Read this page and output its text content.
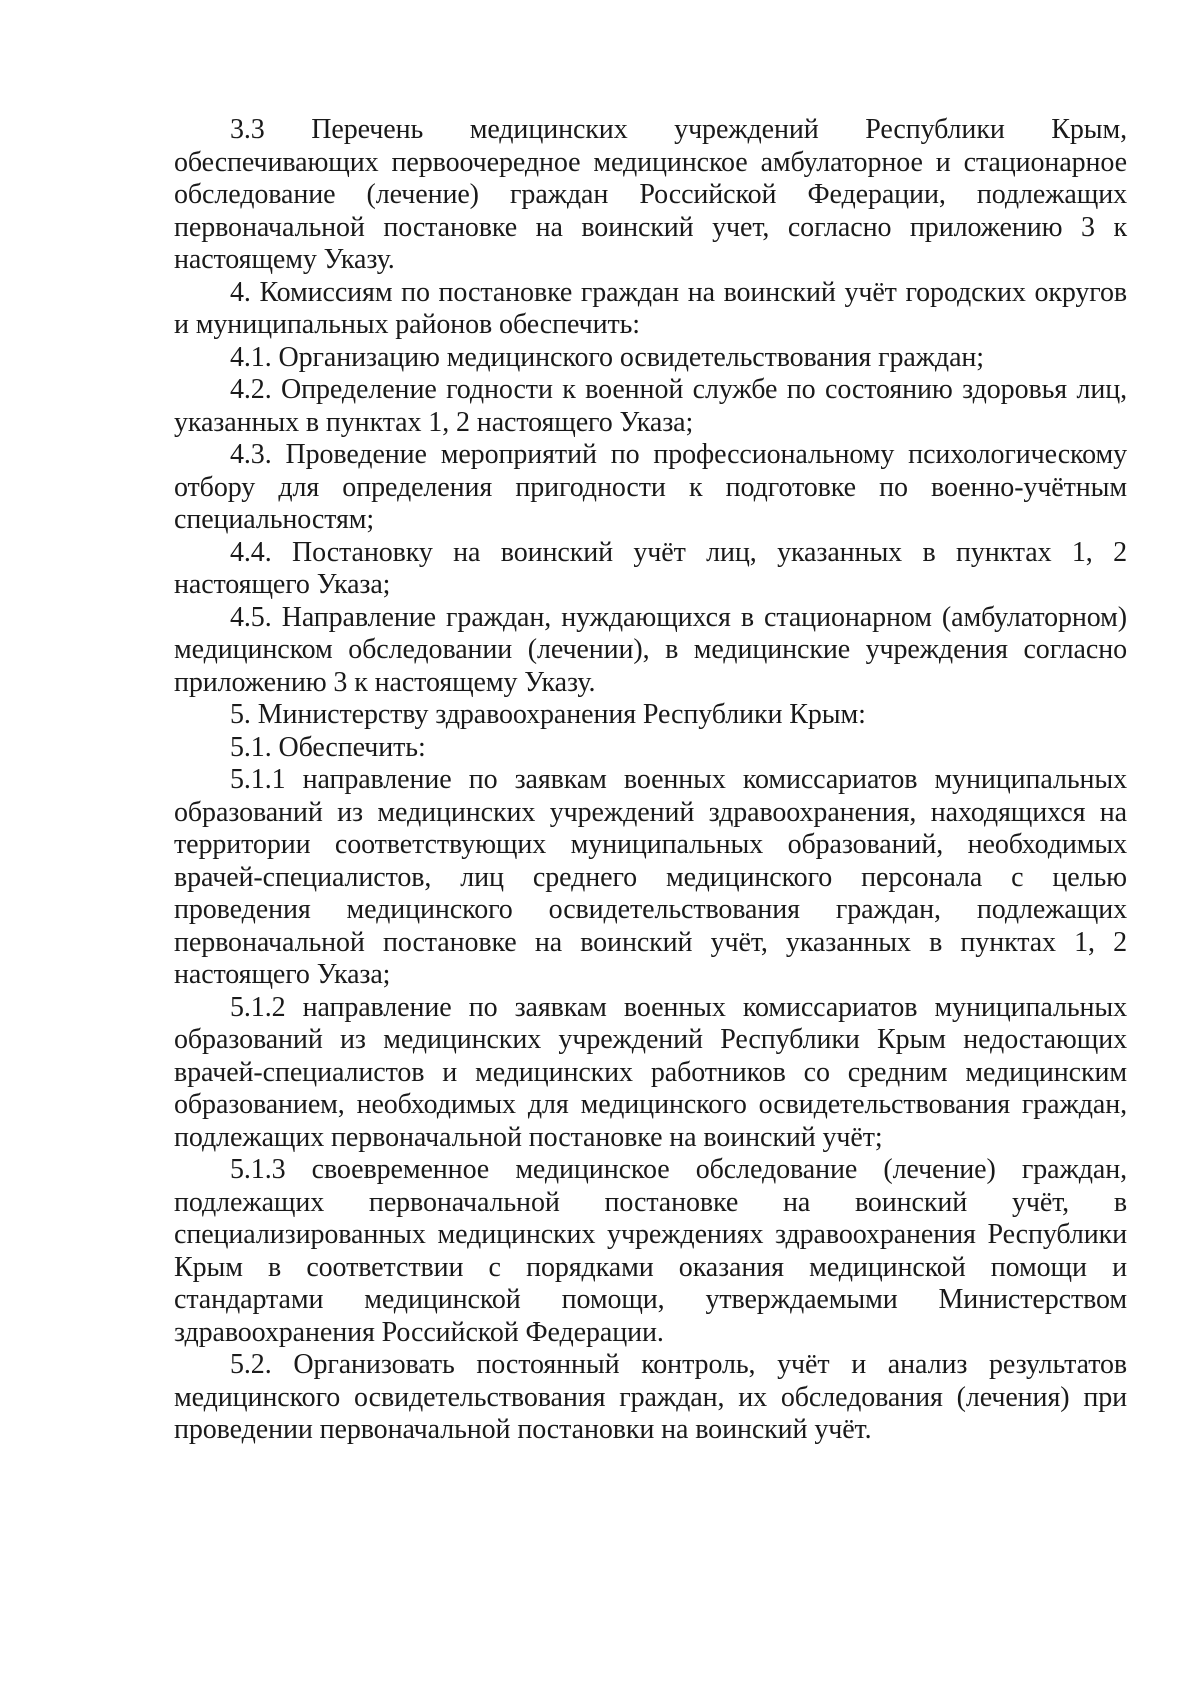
3.3 Перечень медицинских учреждений Республики Крым, обеспечивающих первоочередное медицинское амбулаторное и стационарное обследование (лечение) граждан Российской Федерации, подлежащих первоначальной постановке на воинский учет, согласно приложению 3 к настоящему Указу.

4. Комиссиям по постановке граждан на воинский учёт городских округов и муниципальных районов обеспечить:

4.1. Организацию медицинского освидетельствования граждан;

4.2. Определение годности к военной службе по состоянию здоровья лиц, указанных в пунктах 1, 2 настоящего Указа;

4.3. Проведение мероприятий по профессиональному психологическому отбору для определения пригодности к подготовке по военно-учётным специальностям;

4.4. Постановку на воинский учёт лиц, указанных в пунктах 1, 2 настоящего Указа;

4.5. Направление граждан, нуждающихся в стационарном (амбулаторном) медицинском обследовании (лечении), в медицинские учреждения согласно приложению 3 к настоящему Указу.

5. Министерству здравоохранения Республики Крым:

5.1. Обеспечить:

5.1.1 направление по заявкам военных комиссариатов муниципальных образований из медицинских учреждений здравоохранения, находящихся на территории соответствующих муниципальных образований, необходимых врачей-специалистов, лиц среднего медицинского персонала с целью проведения медицинского освидетельствования граждан, подлежащих первоначальной постановке на воинский учёт, указанных в пунктах 1, 2 настоящего Указа;

5.1.2 направление по заявкам военных комиссариатов муниципальных образований из медицинских учреждений Республики Крым недостающих врачей-специалистов и медицинских работников со средним медицинским образованием, необходимых для медицинского освидетельствования граждан, подлежащих первоначальной постановке на воинский учёт;

5.1.3 своевременное медицинское обследование (лечение) граждан, подлежащих первоначальной постановке на воинский учёт, в специализированных медицинских учреждениях здравоохранения Республики Крым в соответствии с порядками оказания медицинской помощи и стандартами медицинской помощи, утверждаемыми Министерством здравоохранения Российской Федерации.

5.2. Организовать постоянный контроль, учёт и анализ результатов медицинского освидетельствования граждан, их обследования (лечения) при проведении первоначальной постановки на воинский учёт.
